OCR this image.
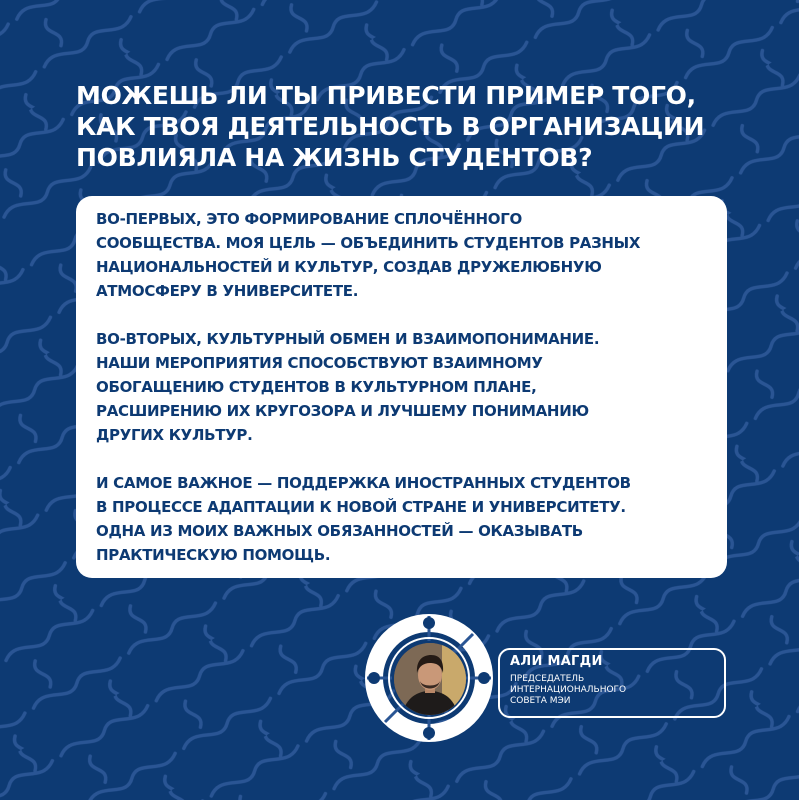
МОЖЕШЬ ЛИ ТЫ ПРИВЕСТИ ПРИМЕР ТОГО,
КАК ТВОЯ ДЕЯТЕЛЬНОСТЬ В ОРГАНИЗАЦИИ
ПОВЛИЯЛА НА ЖИЗНЬ СТУДЕНТОВ?

ВО-ПЕРВЫХ, ЭТО ФОРМИРОВАНИЕ СПЛОЧЁННОГО
СООБЩЕСТВА. МОЯ ЦЕЛЬ — ОБЪЕДИНИТЬ СТУДЕНТОВ РАЗНЫХ
НАЦИОНАЛЬНОСТЕЙ И КУЛЬТУР, СОЗДАВ ДРУЖЕЛЮБНУЮ
АТМОСФЕРУ В УНИВЕРСИТЕТЕ.

ВО-ВТОРЫХ, КУЛЬТУРНЫЙ ОБМЕН И ВЗАИМОПОНИМАНИЕ.
НАШИ МЕРОПРИЯТИЯ СПОСОБСТВУЮТ ВЗАИМНОМУ
ОБОГАЩЕНИЮ СТУДЕНТОВ В КУЛЬТУРНОМ ПЛАНЕ,
РАСШИРЕНИЮ ИХ КРУГОЗОРА И ЛУЧШЕМУ ПОНИМАНИЮ
ДРУГИХ КУЛЬТУР.

И САМОЕ ВАЖНОЕ — ПОДДЕРЖКА ИНОСТРАННЫХ СТУДЕНТОВ
В ПРОЦЕССЕ АДАПТАЦИИ К НОВОЙ СТРАНЕ И УНИВЕРСИТЕТУ.
ОДНА ИЗ МОИХ ВАЖНЫХ ОБЯЗАННОСТЕЙ — ОКАЗЫВАТЬ
ПРАКТИЧЕСКУЮ ПОМОЩЬ.

АЛИ МАГДИ
ПРЕДСЕДАТЕЛЬ
ИНТЕРНАЦИОНАЛЬНОГО
СОВЕТА МЭИ
